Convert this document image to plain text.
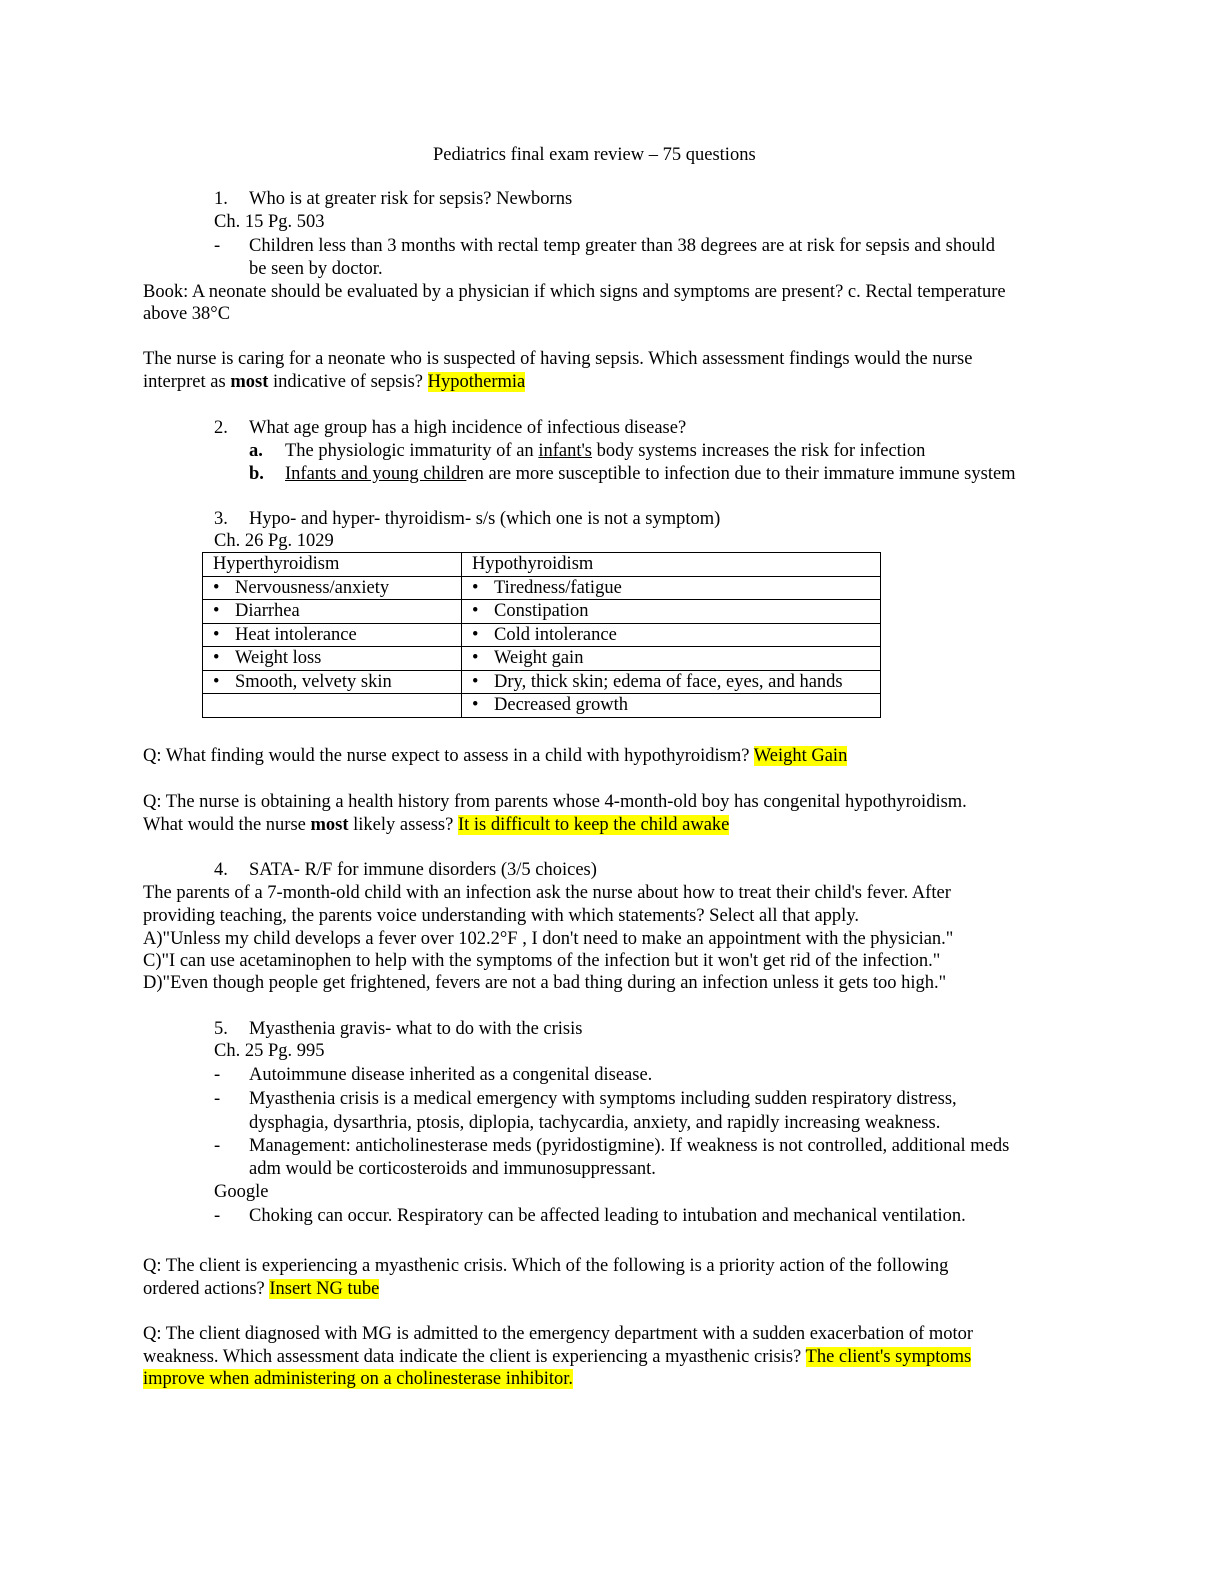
Pediatrics final exam review – 75 questions
1. Who is at greater risk for sepsis? Newborns
Ch. 15 Pg. 503
- Children less than 3 months with rectal temp greater than 38 degrees are at risk for sepsis and should
be seen by doctor.
Book: A neonate should be evaluated by a physician if which signs and symptoms are present? c. Rectal temperature
above 38°C
The nurse is caring for a neonate who is suspected of having sepsis. Which assessment findings would the nurse
interpret as most indicative of sepsis? Hypothermia
2. What age group has a high incidence of infectious disease?
a. The physiologic immaturity of an infant's body systems increases the risk for infection
b. Infants and young children are more susceptible to infection due to their immature immune system
3. Hypo- and hyper- thyroidism- s/s (which one is not a symptom)
Ch. 26 Pg. 1029
Hyperthyroidism	Hypothyroidism
• Nervousness/anxiety	• Tiredness/fatigue
• Diarrhea	• Constipation
• Heat intolerance	• Cold intolerance
• Weight loss	• Weight gain
• Smooth, velvety skin	• Dry, thick skin; edema of face, eyes, and hands
	• Decreased growth
Q: What finding would the nurse expect to assess in a child with hypothyroidism? Weight Gain
Q: The nurse is obtaining a health history from parents whose 4-month-old boy has congenital hypothyroidism.
What would the nurse most likely assess? It is difficult to keep the child awake
4. SATA- R/F for immune disorders (3/5 choices)
The parents of a 7-month-old child with an infection ask the nurse about how to treat their child's fever. After
providing teaching, the parents voice understanding with which statements? Select all that apply.
A)"Unless my child develops a fever over 102.2°F , I don't need to make an appointment with the physician."
C)"I can use acetaminophen to help with the symptoms of the infection but it won't get rid of the infection."
D)"Even though people get frightened, fevers are not a bad thing during an infection unless it gets too high."
5. Myasthenia gravis- what to do with the crisis
Ch. 25 Pg. 995
- Autoimmune disease inherited as a congenital disease.
- Myasthenia crisis is a medical emergency with symptoms including sudden respiratory distress,
dysphagia, dysarthria, ptosis, diplopia, tachycardia, anxiety, and rapidly increasing weakness.
- Management: anticholinesterase meds (pyridostigmine). If weakness is not controlled, additional meds
adm would be corticosteroids and immunosuppressant.
Google
- Choking can occur. Respiratory can be affected leading to intubation and mechanical ventilation.
Q: The client is experiencing a myasthenic crisis. Which of the following is a priority action of the following
ordered actions? Insert NG tube
Q: The client diagnosed with MG is admitted to the emergency department with a sudden exacerbation of motor
weakness. Which assessment data indicate the client is experiencing a myasthenic crisis? The client's symptoms
improve when administering on a cholinesterase inhibitor.
